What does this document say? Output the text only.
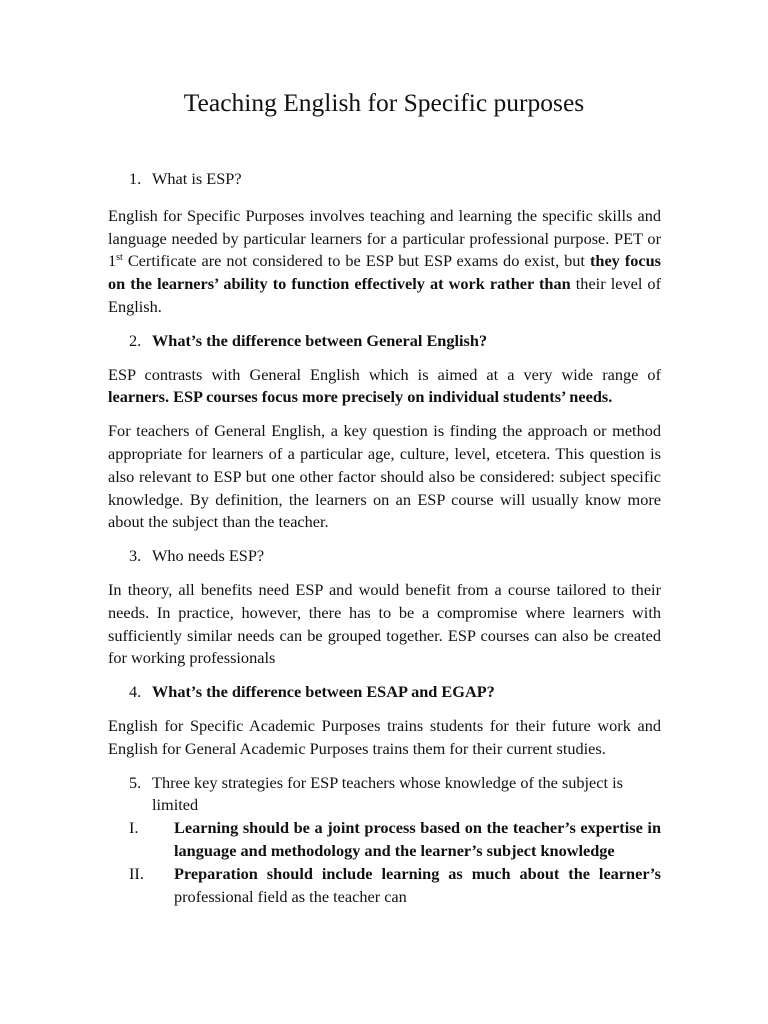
Teaching English for Specific purposes
1. What is ESP?

English for Specific Purposes involves teaching and learning the specific skills and language needed by particular learners for a particular professional purpose. PET or 1st Certificate are not considered to be ESP but ESP exams do exist, but they focus on the learners’ ability to function effectively at work rather than their level of English.

2. What’s the difference between General English?

ESP contrasts with General English which is aimed at a very wide range of learners. ESP courses focus more precisely on individual students’ needs.

For teachers of General English, a key question is finding the approach or method appropriate for learners of a particular age, culture, level, etcetera. This question is also relevant to ESP but one other factor should also be considered: subject specific knowledge. By definition, the learners on an ESP course will usually know more about the subject than the teacher.

3. Who needs ESP?

In theory, all benefits need ESP and would benefit from a course tailored to their needs. In practice, however, there has to be a compromise where learners with sufficiently similar needs can be grouped together. ESP courses can also be created for working professionals

4. What’s the difference between ESAP and EGAP?

English for Specific Academic Purposes trains students for their future work and English for General Academic Purposes trains them for their current studies.

5. Three key strategies for ESP teachers whose knowledge of the subject is limited
I.	Learning should be a joint process based on the teacher’s expertise in language and methodology and the learner’s subject knowledge
II.	Preparation should include learning as much about the learner’s professional field as the teacher can
